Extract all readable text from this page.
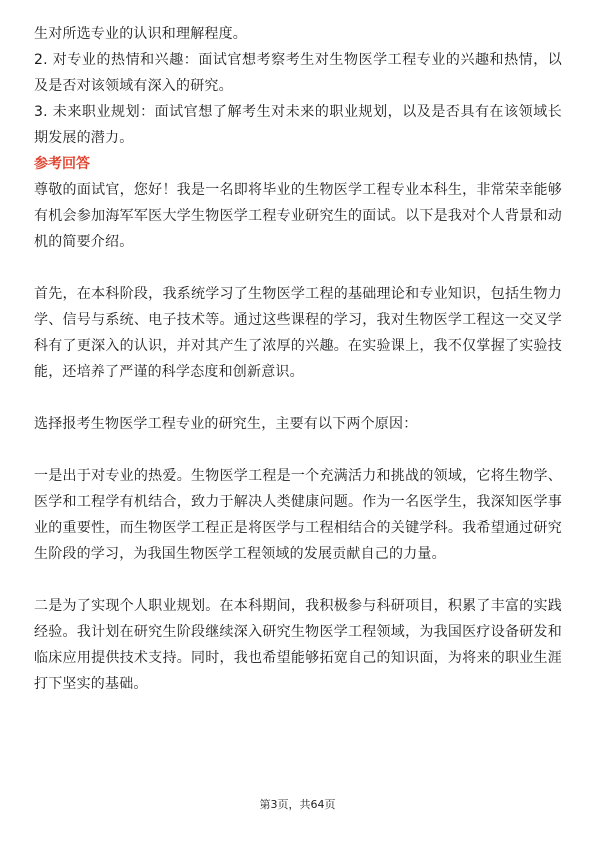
生对所选专业的认识和理解程度。

2. 对专业的热情和兴趣：面试官想考察考生对生物医学工程专业的兴趣和热情，以及是否对该领域有深入的研究。

3. 未来职业规划：面试官想了解考生对未来的职业规划，以及是否具有在该领域长期发展的潜力。

参考回答

尊敬的面试官，您好！我是一名即将毕业的生物医学工程专业本科生，非常荣幸能够有机会参加海军军医大学生物医学工程专业研究生的面试。以下是我对个人背景和动机的简要介绍。

首先，在本科阶段，我系统学习了生物医学工程的基础理论和专业知识，包括生物力学、信号与系统、电子技术等。通过这些课程的学习，我对生物医学工程这一交叉学科有了更深入的认识，并对其产生了浓厚的兴趣。在实验课上，我不仅掌握了实验技能，还培养了严谨的科学态度和创新意识。

选择报考生物医学工程专业的研究生，主要有以下两个原因：

一是出于对专业的热爱。生物医学工程是一个充满活力和挑战的领域，它将生物学、医学和工程学有机结合，致力于解决人类健康问题。作为一名医学生，我深知医学事业的重要性，而生物医学工程正是将医学与工程相结合的关键学科。我希望通过研究生阶段的学习，为我国生物医学工程领域的发展贡献自己的力量。

二是为了实现个人职业规划。在本科期间，我积极参与科研项目，积累了丰富的实践经验。我计划在研究生阶段继续深入研究生物医学工程领域，为我国医疗设备研发和临床应用提供技术支持。同时，我也希望能够拓宽自己的知识面，为将来的职业生涯打下坚实的基础。

第3页，共64页
